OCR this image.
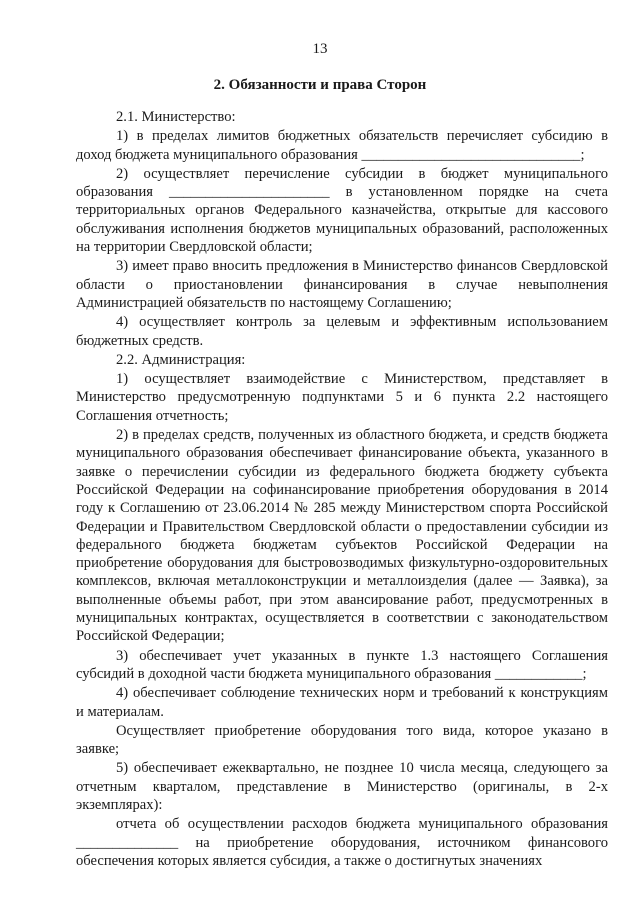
13
2. Обязанности и права Сторон

2.1. Министерство:

1) в пределах лимитов бюджетных обязательств перечисляет субсидию в доход бюджета муниципального образования ______________________________;

2) осуществляет перечисление субсидии в бюджет муниципального образования ______________________ в установленном порядке на счета территориальных органов Федерального казначейства, открытые для кассового обслуживания исполнения бюджетов муниципальных образований, расположенных на территории Свердловской области;

3) имеет право вносить предложения в Министерство финансов Свердловской области о приостановлении финансирования в случае невыполнения Администрацией обязательств по настоящему Соглашению;

4) осуществляет контроль за целевым и эффективным использованием бюджетных средств.

2.2. Администрация:

1) осуществляет взаимодействие с Министерством, представляет в Министерство предусмотренную подпунктами 5 и 6 пункта 2.2 настоящего Соглашения отчетность;

2) в пределах средств, полученных из областного бюджета, и средств бюджета муниципального образования обеспечивает финансирование объекта, указанного в заявке о перечислении субсидии из федерального бюджета бюджету субъекта Российской Федерации на софинансирование приобретения оборудования в 2014 году к Соглашению от 23.06.2014 № 285 между Министерством спорта Российской Федерации и Правительством Свердловской области о предоставлении субсидии из федерального бюджета бюджетам субъектов Российской Федерации на приобретение оборудования для быстровозводимых физкультурно-оздоровительных комплексов, включая металлоконструкции и металлоизделия (далее — Заявка), за выполненные объемы работ, при этом авансирование работ, предусмотренных в муниципальных контрактах, осуществляется в соответствии с законодательством Российской Федерации;

3) обеспечивает учет указанных в пункте 1.3 настоящего Соглашения субсидий в доходной части бюджета муниципального образования ____________;

4) обеспечивает соблюдение технических норм и требований к конструкциям и материалам.

Осуществляет приобретение оборудования того вида, которое указано в заявке;

5) обеспечивает ежеквартально, не позднее 10 числа месяца, следующего за отчетным кварталом, представление в Министерство (оригиналы, в 2-х экземплярах):

отчета об осуществлении расходов бюджета муниципального образования ______________ на приобретение оборудования, источником финансового обеспечения которых является субсидия, а также о достигнутых значениях
